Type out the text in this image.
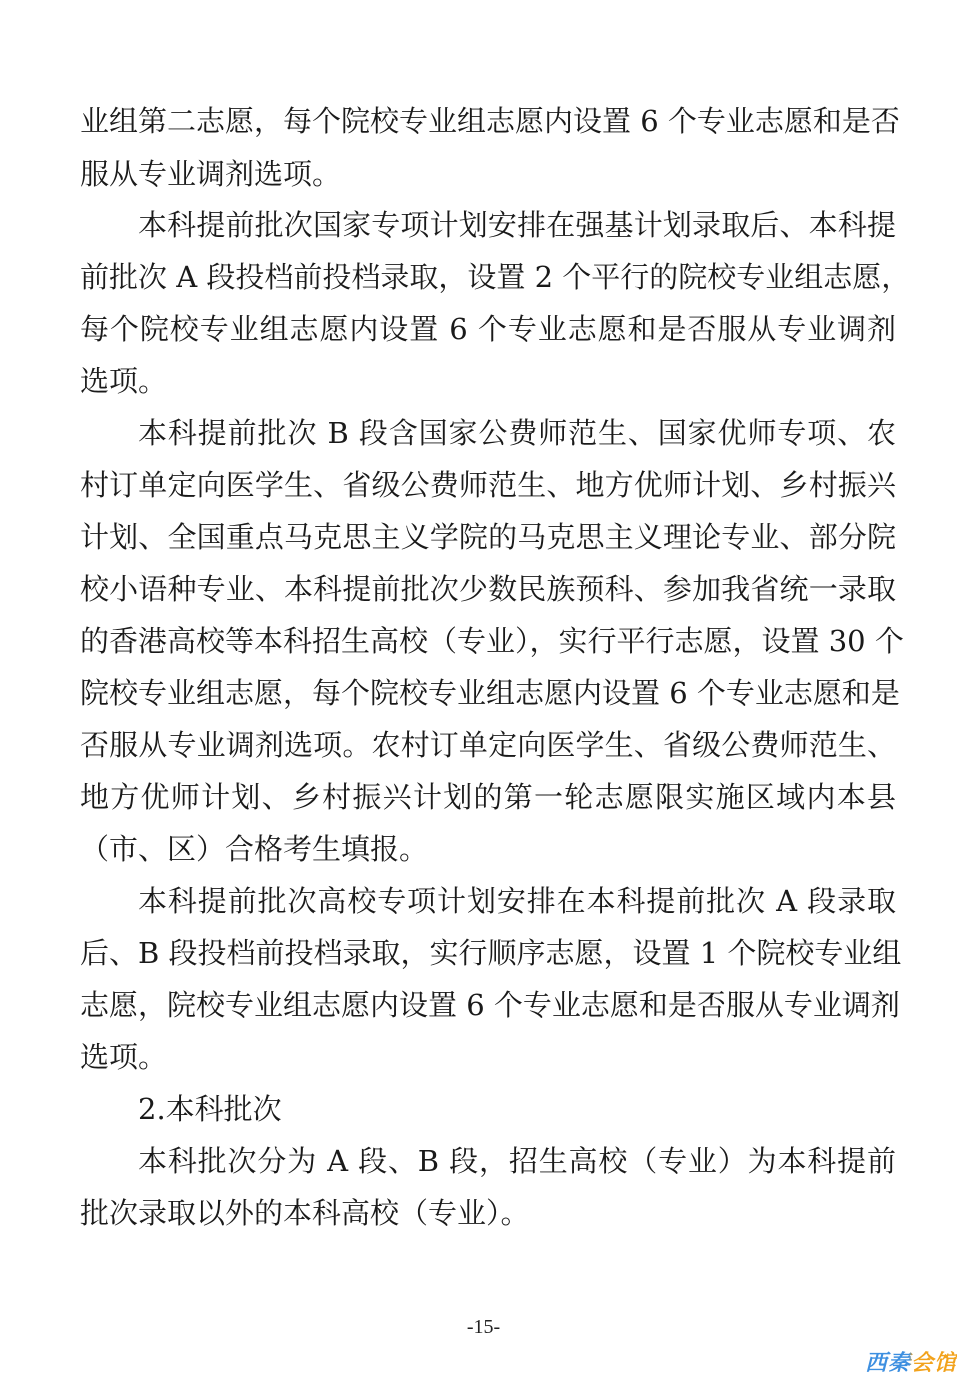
业组第二志愿，每个院校专业组志愿内设置 6 个专业志愿和是否
服从专业调剂选项。
本科提前批次国家专项计划安排在强基计划录取后、本科提
前批次 A 段投档前投档录取，设置 2 个平行的院校专业组志愿，
每个院校专业组志愿内设置 6 个专业志愿和是否服从专业调剂
选项。
本科提前批次 B 段含国家公费师范生、国家优师专项、农
村订单定向医学生、省级公费师范生、地方优师计划、乡村振兴
计划、全国重点马克思主义学院的马克思主义理论专业、部分院
校小语种专业、本科提前批次少数民族预科、参加我省统一录取
的香港高校等本科招生高校（专业），实行平行志愿，设置 30 个
院校专业组志愿，每个院校专业组志愿内设置 6 个专业志愿和是
否服从专业调剂选项。农村订单定向医学生、省级公费师范生、
地方优师计划、乡村振兴计划的第一轮志愿限实施区域内本县
（市、区）合格考生填报。
本科提前批次高校专项计划安排在本科提前批次 A 段录取
后、B 段投档前投档录取，实行顺序志愿，设置 1 个院校专业组
志愿，院校专业组志愿内设置 6 个专业志愿和是否服从专业调剂
选项。
2.本科批次
本科批次分为 A 段、B 段，招生高校（专业）为本科提前
批次录取以外的本科高校（专业）。
-15-
西秦会馆
